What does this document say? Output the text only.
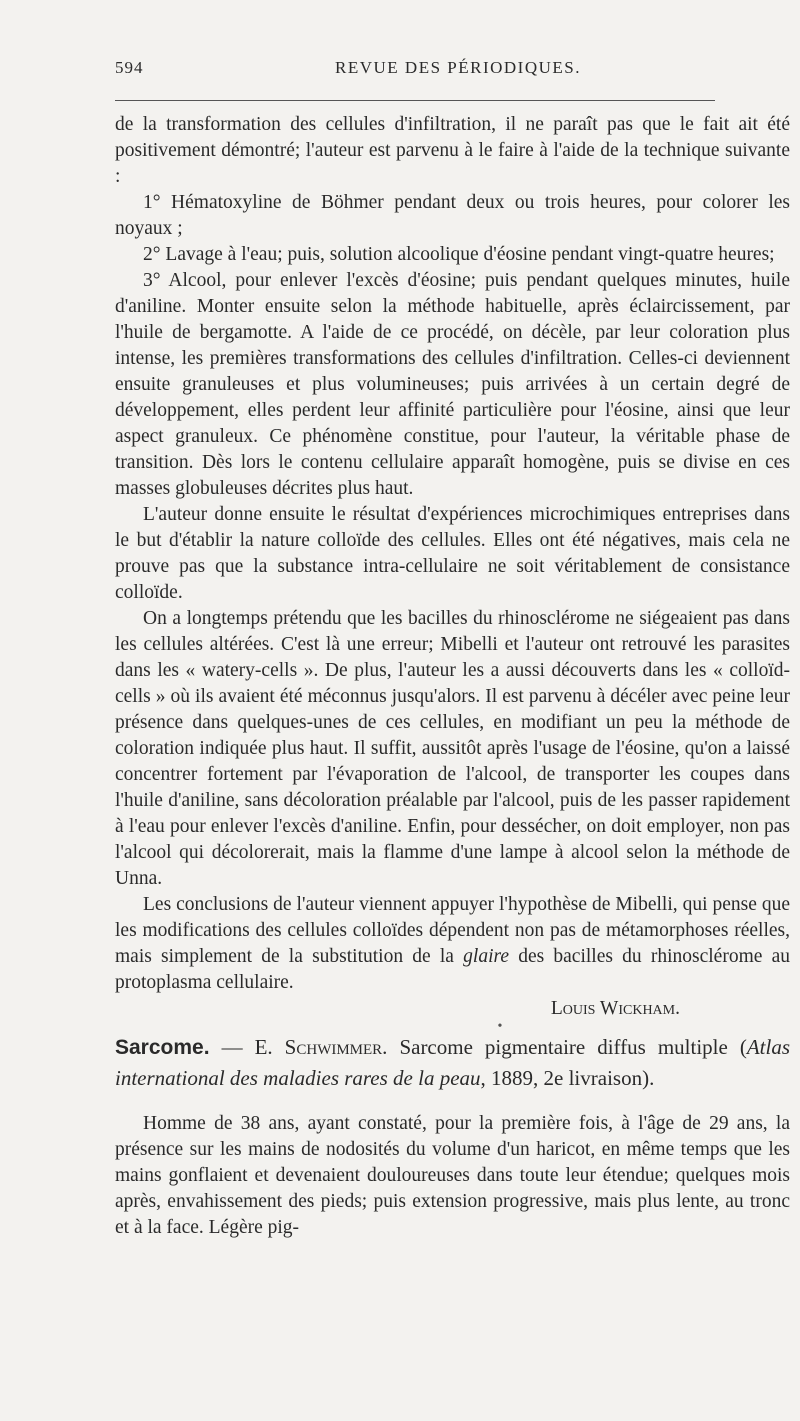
594	REVUE DES PÉRIODIQUES.

de la transformation des cellules d'infiltration, il ne paraît pas que le fait ait été positivement démontré; l'auteur est parvenu à le faire à l'aide de la technique suivante :

1° Hématoxyline de Böhmer pendant deux ou trois heures, pour colorer les noyaux ;

2° Lavage à l'eau; puis, solution alcoolique d'éosine pendant vingt-quatre heures;

3° Alcool, pour enlever l'excès d'éosine; puis pendant quelques minutes, huile d'aniline. Monter ensuite selon la méthode habituelle, après éclaircissement, par l'huile de bergamotte. A l'aide de ce procédé, on décèle, par leur coloration plus intense, les premières transformations des cellules d'infiltration. Celles-ci deviennent ensuite granuleuses et plus volumineuses; puis arrivées à un certain degré de développement, elles perdent leur affinité particulière pour l'éosine, ainsi que leur aspect granuleux. Ce phénomène constitue, pour l'auteur, la véritable phase de transition. Dès lors le contenu cellulaire apparaît homogène, puis se divise en ces masses globuleuses décrites plus haut.

L'auteur donne ensuite le résultat d'expériences microchimiques entreprises dans le but d'établir la nature colloïde des cellules. Elles ont été négatives, mais cela ne prouve pas que la substance intra-cellulaire ne soit véritablement de consistance colloïde.

On a longtemps prétendu que les bacilles du rhinosclérome ne siégeaient pas dans les cellules altérées. C'est là une erreur; Mibelli et l'auteur ont retrouvé les parasites dans les « watery-cells ». De plus, l'auteur les a aussi découverts dans les « colloïd-cells » où ils avaient été méconnus jusqu'alors. Il est parvenu à décéler avec peine leur présence dans quelques-unes de ces cellules, en modifiant un peu la méthode de coloration indiquée plus haut. Il suffit, aussitôt après l'usage de l'éosine, qu'on a laissé concentrer fortement par l'évaporation de l'alcool, de transporter les coupes dans l'huile d'aniline, sans décoloration préalable par l'alcool, puis de les passer rapidement à l'eau pour enlever l'excès d'aniline. Enfin, pour dessécher, on doit employer, non pas l'alcool qui décolorerait, mais la flamme d'une lampe à alcool selon la méthode de Unna.

Les conclusions de l'auteur viennent appuyer l'hypothèse de Mibelli, qui pense que les modifications des cellules colloïdes dépendent non pas de métamorphoses réelles, mais simplement de la substitution de la glaire des bacilles du rhinosclérome au protoplasma cellulaire.

Louis Wickham.

•

Sarcome. — E. Schwimmer. Sarcome pigmentaire diffus multiple (Atlas international des maladies rares de la peau, 1889, 2e livraison).

Homme de 38 ans, ayant constaté, pour la première fois, à l'âge de 29 ans, la présence sur les mains de nodosités du volume d'un haricot, en même temps que les mains gonflaient et devenaient douloureuses dans toute leur étendue; quelques mois après, envahissement des pieds; puis extension progressive, mais plus lente, au tronc et à la face. Légère pig-
